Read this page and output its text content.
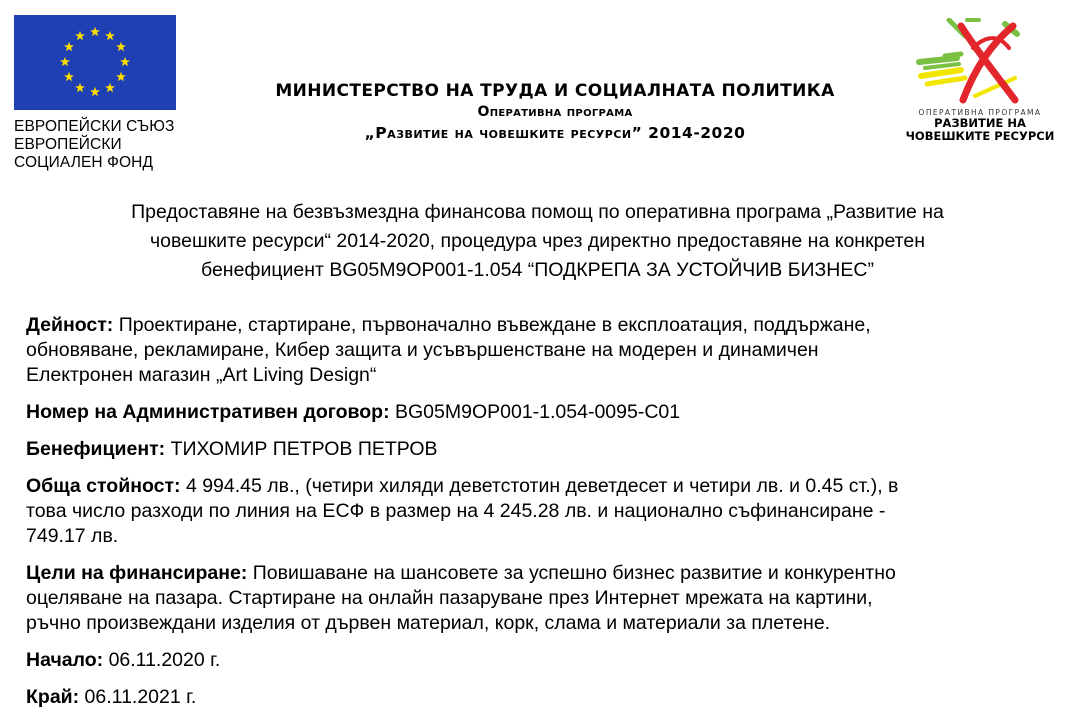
ЕВРОПЕЙСКИ СЪЮЗ
ЕВРОПЕЙСКИ
СОЦИАЛЕН ФОНД
МИНИСТЕРСТВО НА ТРУДА И СОЦИАЛНАТА ПОЛИТИКА
Оперативна програма
„Развитие на човешките ресурси” 2014-2020
ОПЕРАТИВНА ПРОГРАМА
РАЗВИТИЕ НА
ЧОВЕШКИТЕ РЕСУРСИ
Предоставяне на безвъзмездна финансова помощ по оперативна програма „Развитие на
човешките ресурси“ 2014-2020, процедура чрез директно предоставяне на конкретен
бенефициент BG05M9OP001-1.054 “ПОДКРЕПА ЗА УСТОЙЧИВ БИЗНЕС”
Дейност: Проектиране, стартиране, първоначално въвеждане в експлоатация, поддържане,
обновяване, рекламиране, Кибер защита и усъвършенстване на модерен и динамичен
Електронен магазин „Art Living Design“
Номер на Административен договор: BG05M9OP001-1.054-0095-C01
Бенефициент: ТИХОМИР ПЕТРОВ ПЕТРОВ
Обща стойност: 4 994.45 лв., (четири хиляди деветстотин деветдесет и четири лв. и 0.45 ст.), в
това число разходи по линия на ЕСФ в размер на 4 245.28 лв. и национално съфинансиране -
749.17 лв.
Цели на финансиране: Повишаване на шансовете за успешно бизнес развитие и конкурентно
оцеляване на пазара. Стартиране на онлайн пазаруване през Интернет мрежата на картини,
ръчно произвеждани изделия от дървен материал, корк, слама и материали за плетене.
Начало: 06.11.2020 г.
Край: 06.11.2021 г.
